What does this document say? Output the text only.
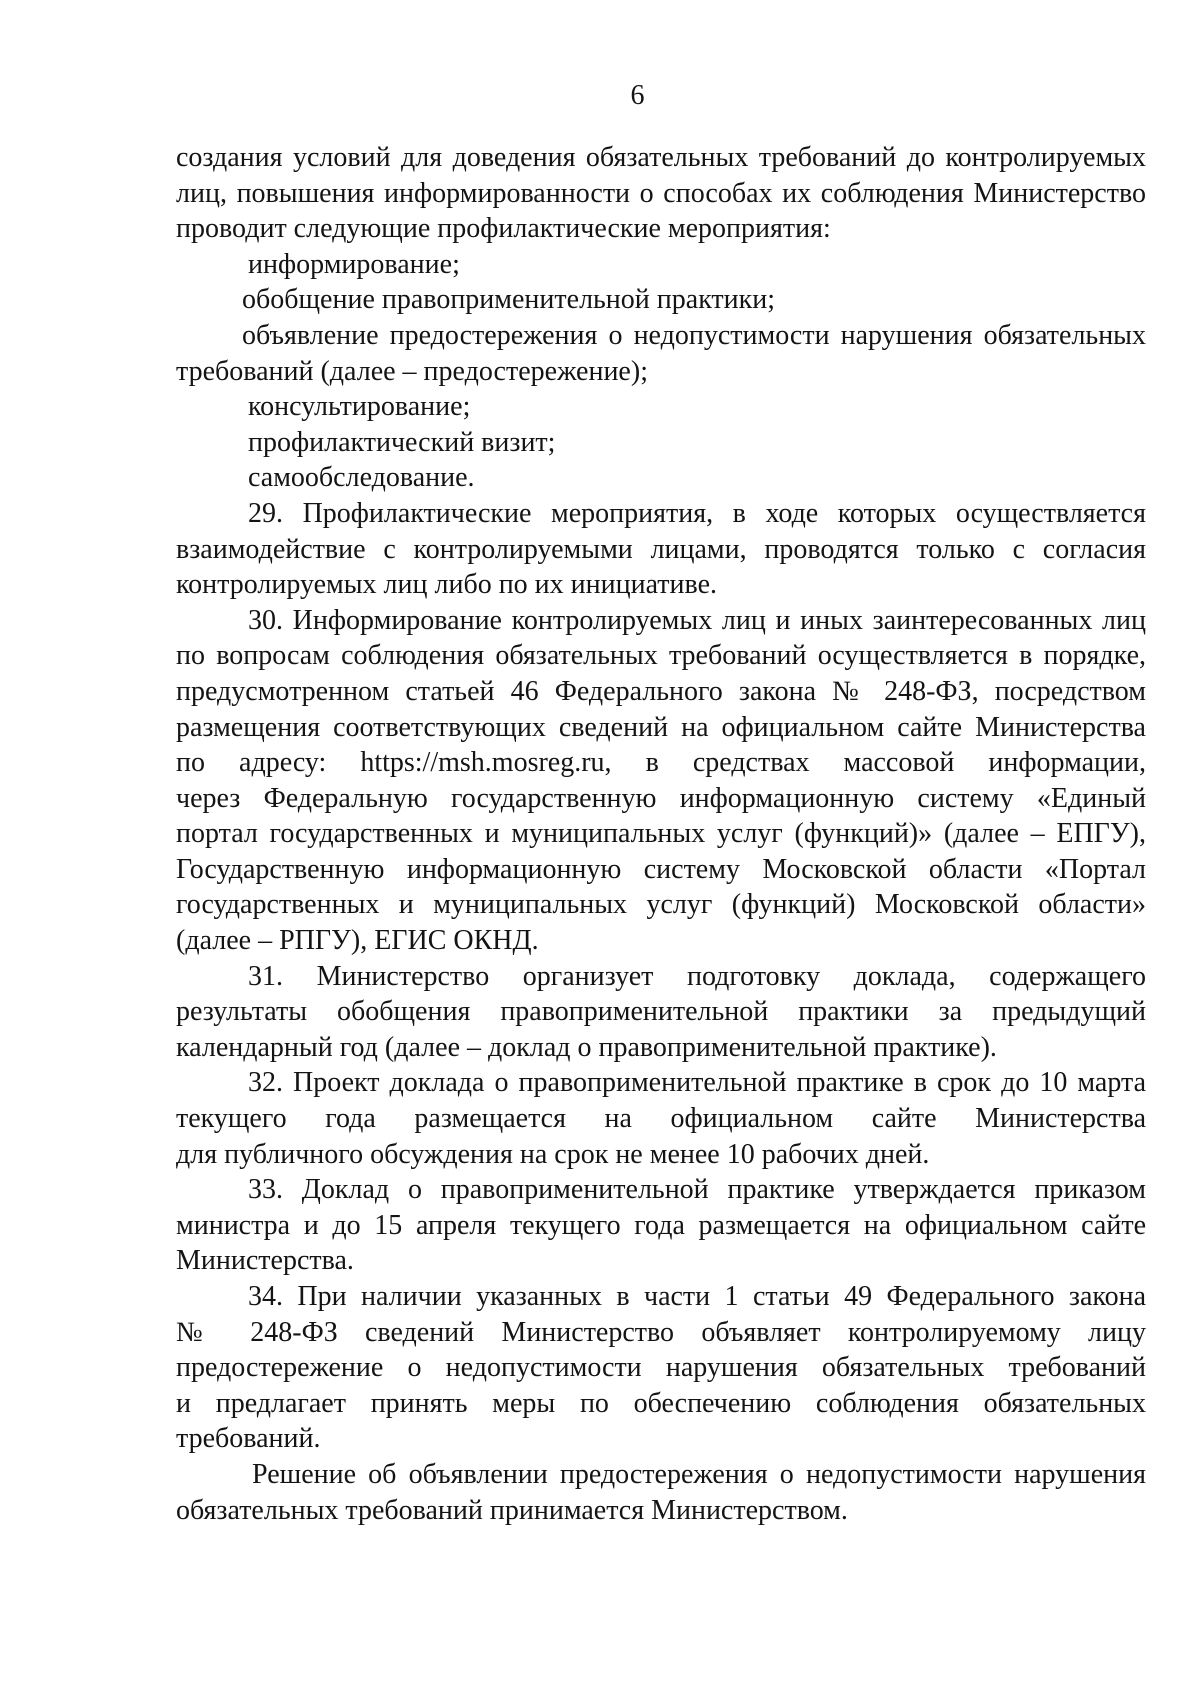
6
создания условий для доведения обязательных требований до контролируемых
лиц, повышения информированности о способах их соблюдения Министерство
проводит следующие профилактические мероприятия:
информирование;
обобщение правоприменительной практики;
объявление предостережения о недопустимости нарушения обязательных
требований (далее – предостережение);
консультирование;
профилактический визит;
самообследование.
29. Профилактические мероприятия, в ходе которых осуществляется
взаимодействие с контролируемыми лицами, проводятся только с согласия
контролируемых лиц либо по их инициативе.
30. Информирование контролируемых лиц и иных заинтересованных лиц
по вопросам соблюдения обязательных требований осуществляется в порядке,
предусмотренном статьей 46 Федерального закона № 248-ФЗ, посредством
размещения соответствующих сведений на официальном сайте Министерства
по адресу: https://msh.mosreg.ru, в средствах массовой информации,
через Федеральную государственную информационную систему «Единый
портал государственных и муниципальных услуг (функций)» (далее – ЕПГУ),
Государственную информационную систему Московской области «Портал
государственных и муниципальных услуг (функций) Московской области»
(далее – РПГУ), ЕГИС ОКНД.
31. Министерство организует подготовку доклада, содержащего
результаты обобщения правоприменительной практики за предыдущий
календарный год (далее – доклад о правоприменительной практике).
32. Проект доклада о правоприменительной практике в срок до 10 марта
текущего года размещается на официальном сайте Министерства
для публичного обсуждения на срок не менее 10 рабочих дней.
33. Доклад о правоприменительной практике утверждается приказом
министра и до 15 апреля текущего года размещается на официальном сайте
Министерства.
34. При наличии указанных в части 1 статьи 49 Федерального закона
№ 248-ФЗ сведений Министерство объявляет контролируемому лицу
предостережение о недопустимости нарушения обязательных требований
и предлагает принять меры по обеспечению соблюдения обязательных
требований.
Решение об объявлении предостережения о недопустимости нарушения
обязательных требований принимается Министерством.
